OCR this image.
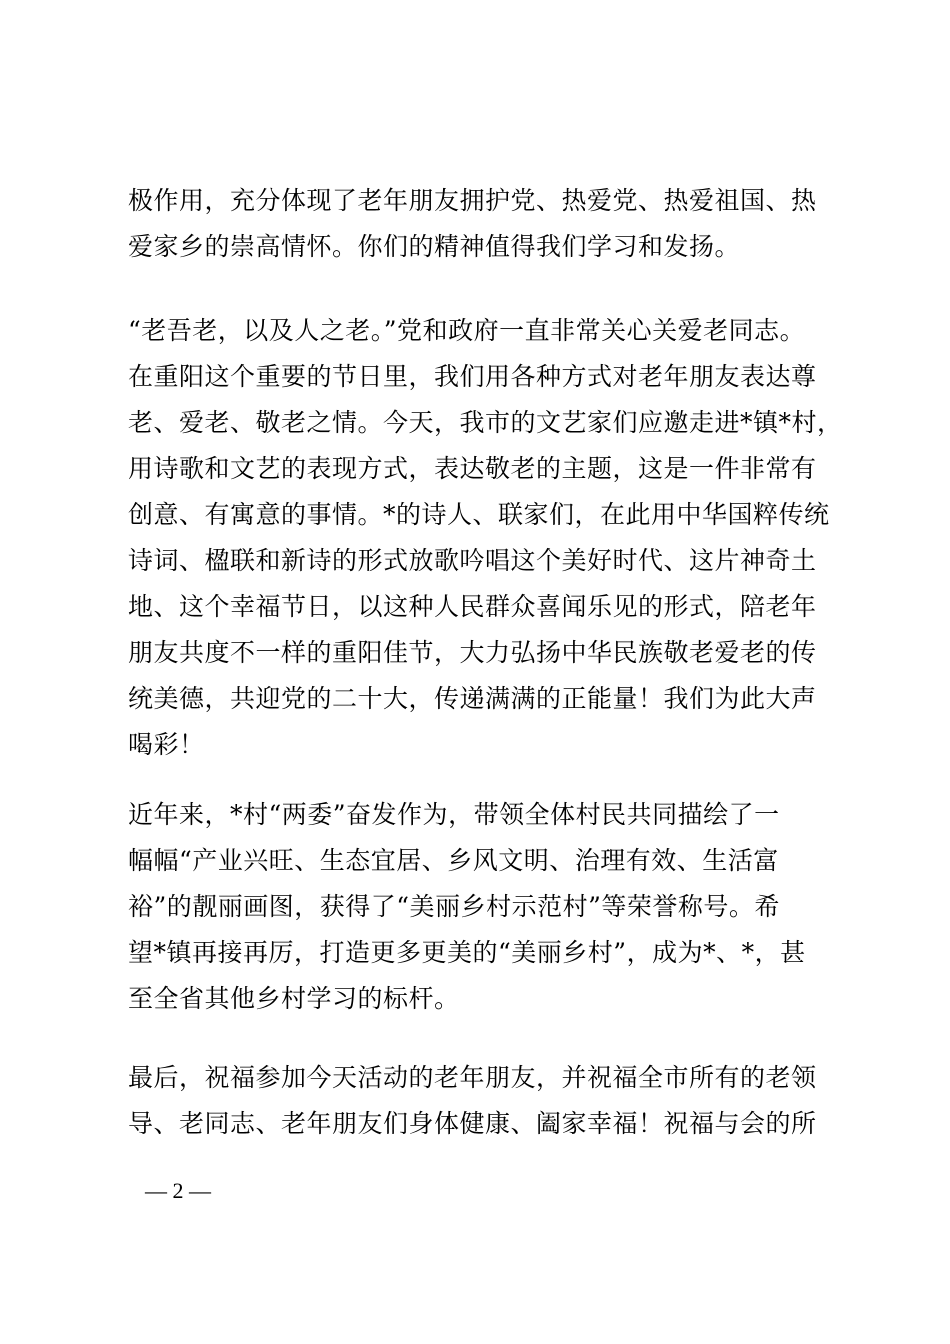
极作用，充分体现了老年朋友拥护党、热爱党、热爱祖国、热
爱家乡的崇高情怀。你们的精神值得我们学习和发扬。
“老吾老，以及人之老。”党和政府一直非常关心关爱老同志。
在重阳这个重要的节日里，我们用各种方式对老年朋友表达尊
老、爱老、敬老之情。今天，我市的文艺家们应邀走进*镇*村，
用诗歌和文艺的表现方式，表达敬老的主题，这是一件非常有
创意、有寓意的事情。*的诗人、联家们，在此用中华国粹传统
诗词、楹联和新诗的形式放歌吟唱这个美好时代、这片神奇土
地、这个幸福节日，以这种人民群众喜闻乐见的形式，陪老年
朋友共度不一样的重阳佳节，大力弘扬中华民族敬老爱老的传
统美德，共迎党的二十大，传递满满的正能量！我们为此大声
喝彩！
近年来，*村“两委”奋发作为，带领全体村民共同描绘了一
幅幅“产业兴旺、生态宜居、乡风文明、治理有效、生活富
裕”的靓丽画图，获得了“美丽乡村示范村”等荣誉称号。希
望*镇再接再厉，打造更多更美的“美丽乡村”，成为*、*，甚
至全省其他乡村学习的标杆。
最后，祝福参加今天活动的老年朋友，并祝福全市所有的老领
导、老同志、老年朋友们身体健康、阖家幸福！祝福与会的所
— 2 —
